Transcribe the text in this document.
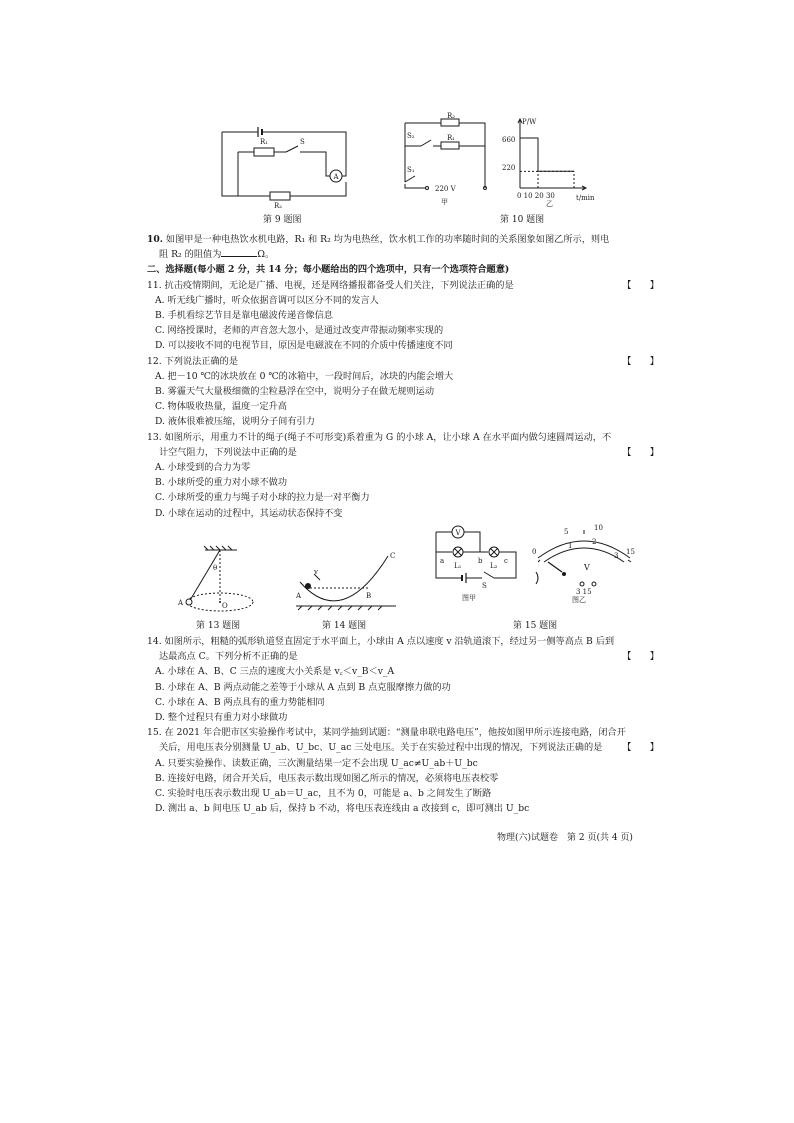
R₁	S
A
R₂
R₂
R₁
S₂
S₁
220 V
甲
P/W
t/min
660
220
0 10 20 30
乙
第 9 题图	第 10 题图

10. 如图甲是一种电热饮水机电路，R₁ 和 R₂ 均为电热丝，饮水机工作的功率随时间的关系图象如图乙所示，则电

阻 R₂ 的阻值为	Ω。

二、选择题(每小题 2 分，共 14 分；每小题给出的四个选项中，只有一个选项符合题意)

11. 抗击疫情期间，无论是广播、电视，还是网络播报都备受人们关注，下列说法正确的是	【　　】

A. 听无线广播时，听众依据音调可以区分不同的发言人

B. 手机看综艺节目是靠电磁波传递音像信息

C. 网络授课时，老师的声音忽大忽小，是通过改变声带振动频率实现的

D. 可以接收不同的电视节目，原因是电磁波在不同的介质中传播速度不同

12. 下列说法正确的是	【　　】

A. 把－10 ℃的冰块放在 0 ℃的冰箱中，一段时间后，冰块的内能会增大

B. 雾霾天气大量极细微的尘粒悬浮在空中，说明分子在做无规则运动

C. 物体吸收热量，温度一定升高

D. 液体很难被压缩，说明分子间有引力

13. 如图所示，用重力不计的绳子(绳子不可形变)系着重为 G 的小球 A，让小球 A 在水平面内做匀速圆周运动，不

计空气阻力，下列说法中正确的是	【　　】

A. 小球受到的合力为零

B. 小球所受的重力对小球不做功

C. 小球所受的重力与绳子对小球的拉力是一对平衡力

D. 小球在运动的过程中，其运动状态保持不变

θ
A	O
v
A	B
C
V
a	b	c
L₁	L₂
S
图甲
0
5	10
15
1	2
3
V
3 15
图乙
第 13 题图	第 14 题图	第 15 题图

14. 如图所示，粗糙的弧形轨道竖直固定于水平面上，小球由 A 点以速度 v 沿轨道滚下，经过另一侧等高点 B 后到

达最高点 C。下列分析不正确的是	【　　】

A. 小球在 A、B、C 三点的速度大小关系是 v꜀＜v_B＜v_A

B. 小球在 A、B 两点动能之差等于小球从 A 点到 B 点克服摩擦力做的功

C. 小球在 A、B 两点具有的重力势能相同

D. 整个过程只有重力对小球做功

15. 在 2021 年合肥市区实验操作考试中，某同学抽到试题：“测量串联电路电压”，他按如图甲所示连接电路，闭合开

关后，用电压表分别测量 U_ab、U_bc、U_ac 三处电压。关于在实验过程中出现的情况，下列说法正确的是 【　　】

A. 只要实验操作、读数正确，三次测量结果一定不会出现 U_ac≠U_ab＋U_bc

B. 连接好电路，闭合开关后，电压表示数出现如图乙所示的情况，必须将电压表校零

C. 实验时电压表示数出现 U_ab＝U_ac，且不为 0，可能是 a、b 之间发生了断路

D. 测出 a、b 间电压 U_ab 后，保持 b 不动，将电压表连线由 a 改接到 c，即可测出 U_bc

物理(六)试题卷　第 2 页(共 4 页)
